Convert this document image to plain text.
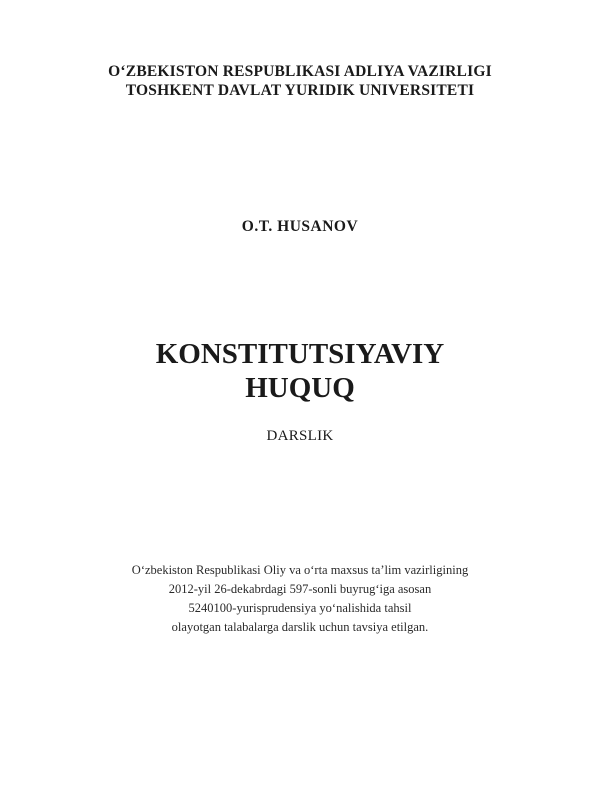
O‘ZBEKISTON RESPUBLIKASI ADLIYA VAZIRLIGI
TOSHKENT DAVLAT YURIDIK UNIVERSITETI
O.T. HUSANOV
KONSTITUTSIYAVIY
HUQUQ
DARSLIK
O‘zbekiston Respublikasi Oliy va o‘rta maxsus ta’lim vazirligining
2012-yil 26-dekabrdagi 597-sonli buyrug‘iga asosan
5240100-yurisprudensiya yo‘nalishida tahsil
olayotgan talabalarga darslik uchun tavsiya etilgan.
